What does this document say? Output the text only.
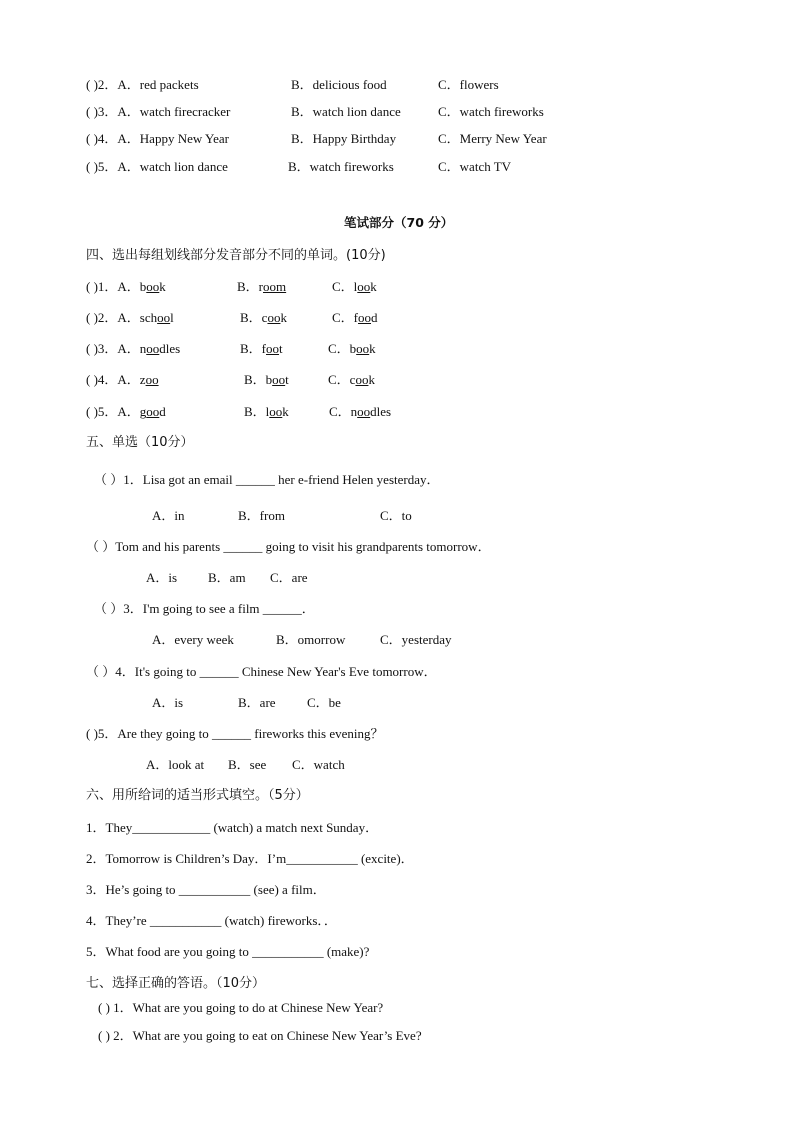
( )2．A．red packets	B．delicious food	C．flowers
( )3．A．watch firecracker	B．watch lion dance	C．watch fireworks
( )4．A．Happy New Year	B．Happy Birthday	C．Merry New Year
( )5．A．watch lion dance	B．watch fireworks	C．watch TV
笔试部分（70 分）
四、选出每组划线部分发音部分不同的单词。(10分)
( )1．A．book	B．room	C．look
( )2．A．school	B．cook	C．food
( )3．A．noodles	B．foot	C．book
( )4．A．zoo	B．boot	C．cook
( )5．A．good	B．look	C．noodles
五、单选（10分）
（ ）1．Lisa got an email ______ her e-friend Helen yesterday．
A．in	B．from	C．to
（ ）Tom and his parents ______ going to visit his grandparents tomorrow．
A．is B．am C．are
（ ）3．I'm going to see a film ______．
A．every week	B．omorrow	C．yesterday
（ ）4．It's going to ______ Chinese New Year's Eve tomorrow．
A．is	B．are C．be
( )5．Are they going to ______ fireworks this evening？
A．look at B．see C．watch
六、用所给词的适当形式填空。（5分）
1．They____________ (watch) a match next Sunday．
2．Tomorrow is Children’s Day．I’m___________ (excite)．
3．He’s going to ___________ (see) a film．
4．They’re ___________ (watch) fireworks．．
5．What food are you going to ___________ (make)?
七、选择正确的答语。（10分）
( ) 1．What are you going to do at Chinese New Year?
( ) 2．What are you going to eat on Chinese New Year’s Eve?
